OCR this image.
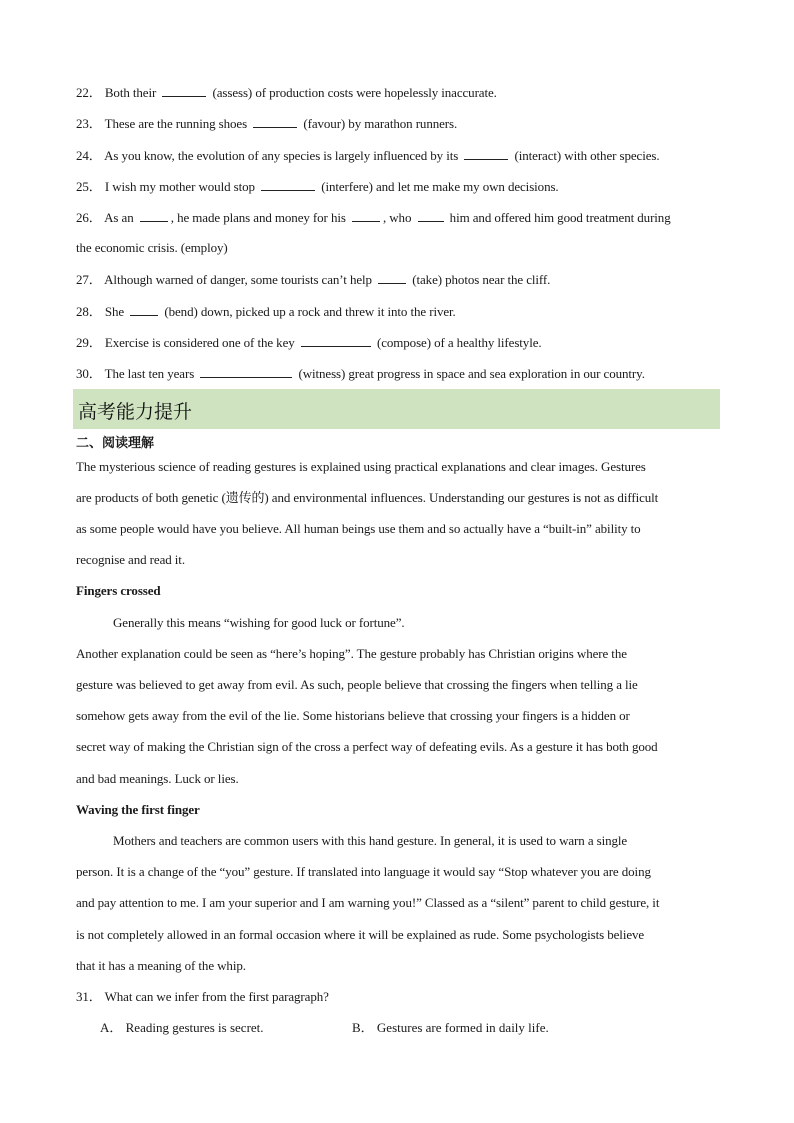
22． Both their	(assess) of production costs were hopelessly inaccurate.
23． These are the running shoes	(favour) by marathon runners.
24． As you know, the evolution of any species is largely influenced by its	(interact) with other species.
25． I wish my mother would stop	(interfere) and let me make my own decisions.
26． As an	, he made plans and money for his	, who	him and offered him good treatment during
the economic crisis. (employ)
27． Although warned of danger, some tourists can’t help	(take) photos near the cliff.
28． She	(bend) down, picked up a rock and threw it into the river.
29． Exercise is considered one of the key	(compose) of a healthy lifestyle.
30． The last ten years	(witness) great progress in space and sea exploration in our country.
高考能力提升
二、阅读理解
The mysterious science of reading gestures is explained using practical explanations and clear images. Gestures
are products of both genetic (遗传的) and environmental influences. Understanding our gestures is not as difficult
as some people would have you believe. All human beings use them and so actually have a “built-in” ability to
recognise and read it.
Fingers crossed
Generally this means “wishing for good luck or fortune”.
Another explanation could be seen as “here’s hoping”. The gesture probably has Christian origins where the
gesture was believed to get away from evil. As such, people believe that crossing the fingers when telling a lie
somehow gets away from the evil of the lie. Some historians believe that crossing your fingers is a hidden or
secret way of making the Christian sign of the cross a perfect way of defeating evils. As a gesture it has both good
and bad meanings. Luck or lies.
Waving the first finger
Mothers and teachers are common users with this hand gesture. In general, it is used to warn a single
person. It is a change of the “you” gesture. If translated into language it would say “Stop whatever you are doing
and pay attention to me. I am your superior and I am warning you!” Classed as a “silent” parent to child gesture, it
is not completely allowed in an formal occasion where it will be explained as rude. Some psychologists believe
that it has a meaning of the whip.
31． What can we infer from the first paragraph?
A． Reading gestures is secret.	B． Gestures are formed in daily life.
